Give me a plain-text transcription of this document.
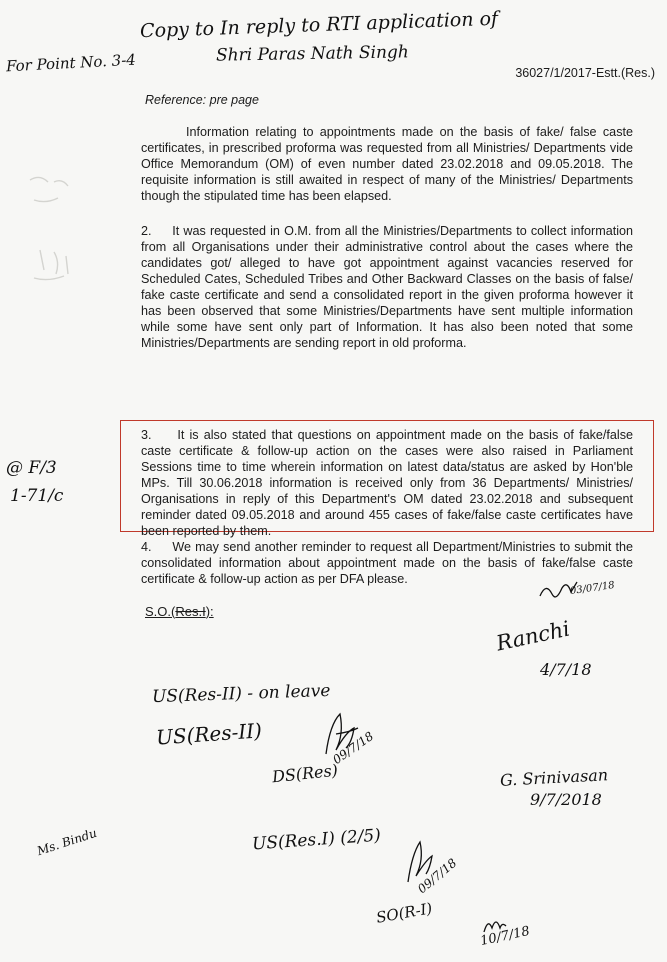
Copy to In reply to RTI application of
Shri Paras Nath Singh
For Point No. 3-4	36027/1/2017-Estt.(Res.)
Reference: pre page

Information relating to appointments made on the basis of fake/ false caste certificates, in prescribed proforma was requested from all Ministries/ Departments vide Office Memorandum (OM) of even number dated 23.02.2018 and 09.05.2018. The requisite information is still awaited in respect of many of the Ministries/ Departments though the stipulated time has been elapsed.

2.     It was requested in O.M. from all the Ministries/Departments to collect information from all Organisations under their administrative control about the cases where the candidates got/ alleged to have got appointment against vacancies reserved for Scheduled Cates, Scheduled Tribes and Other Backward Classes on the basis of false/ fake caste certificate and send a consolidated report in the given proforma however it has been observed that some Ministries/Departments have sent multiple information while some have sent only part of Information. It has also been noted that some Ministries/Departments are sending report in old proforma.

3.     It is also stated that questions on appointment made on the basis of fake/false caste certificate & follow-up action on the cases were also raised in Parliament Sessions time to time wherein information on latest data/status are asked by Hon'ble MPs. Till 30.06.2018 information is received only from 36 Departments/ Ministries/ Organisations in reply of this Department's OM dated 23.02.2018 and subsequent reminder dated 09.05.2018 and around 455 cases of fake/false caste certificates have been reported by them.

4.     We may send another reminder to request all Department/Ministries to submit the consolidated information about appointment made on the basis of fake/false caste certificate & follow-up action as per DFA please.

@ F/3
1-71/c
S.O.(Res.I):
03/07/18
Ranchi
4/7/18
US(Res-II) - on leave
US(Res-II)	09/7/18
DS(Res)	G. Srinivasan
9/7/2018
Ms. Bindu	US(Res.I) (2/5)
09/7/18
SO(R-I)
10/7/18
